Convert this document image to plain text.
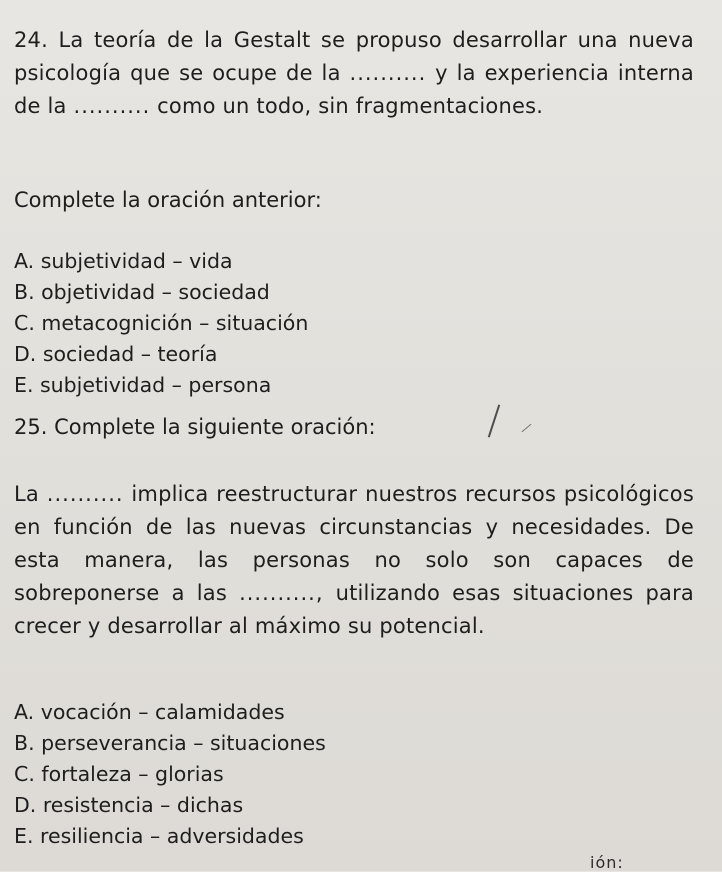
24. La teoría de la Gestalt se propuso desarrollar una nueva psicología que se ocupe de la .......... y la experiencia interna de la .......... como un todo, sin fragmentaciones.
Complete la oración anterior:
A. subjetividad – vida
B. objetividad – sociedad
C. metacognición – situación
D. sociedad – teoría
E. subjetividad – persona
25. Complete la siguiente oración:
La .......... implica reestructurar nuestros recursos psicológicos en función de las nuevas circunstancias y necesidades. De esta manera, las personas no solo son capaces de sobreponerse a las .........., utilizando esas situaciones para crecer y desarrollar al máximo su potencial.
A. vocación – calamidades
B. perseverancia – situaciones
C. fortaleza – glorias
D. resistencia – dichas
E. resiliencia – adversidades
ión:
